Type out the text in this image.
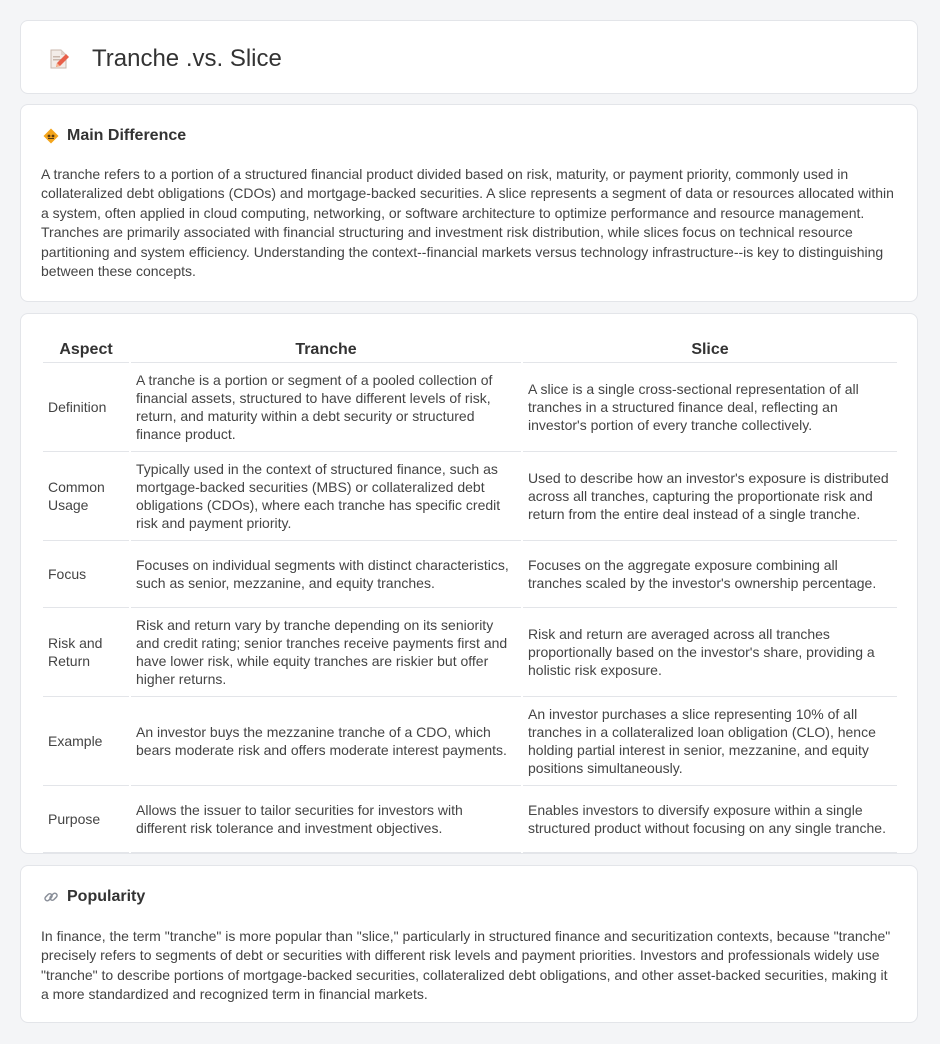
Tranche .vs. Slice
Main Difference
A tranche refers to a portion of a structured financial product divided based on risk, maturity, or payment priority, commonly used in collateralized debt obligations (CDOs) and mortgage-backed securities. A slice represents a segment of data or resources allocated within a system, often applied in cloud computing, networking, or software architecture to optimize performance and resource management. Tranches are primarily associated with financial structuring and investment risk distribution, while slices focus on technical resource partitioning and system efficiency. Understanding the context--financial markets versus technology infrastructure--is key to distinguishing between these concepts.
Aspect	Tranche	Slice
Definition	A tranche is a portion or segment of a pooled collection of financial assets, structured to have different levels of risk, return, and maturity within a debt security or structured finance product.	A slice is a single cross-sectional representation of all tranches in a structured finance deal, reflecting an investor's portion of every tranche collectively.
Common Usage	Typically used in the context of structured finance, such as mortgage-backed securities (MBS) or collateralized debt obligations (CDOs), where each tranche has specific credit risk and payment priority.	Used to describe how an investor's exposure is distributed across all tranches, capturing the proportionate risk and return from the entire deal instead of a single tranche.
Focus	Focuses on individual segments with distinct characteristics, such as senior, mezzanine, and equity tranches.	Focuses on the aggregate exposure combining all tranches scaled by the investor's ownership percentage.
Risk and Return	Risk and return vary by tranche depending on its seniority and credit rating; senior tranches receive payments first and have lower risk, while equity tranches are riskier but offer higher returns.	Risk and return are averaged across all tranches proportionally based on the investor's share, providing a holistic risk exposure.
Example	An investor buys the mezzanine tranche of a CDO, which bears moderate risk and offers moderate interest payments.	An investor purchases a slice representing 10% of all tranches in a collateralized loan obligation (CLO), hence holding partial interest in senior, mezzanine, and equity positions simultaneously.
Purpose	Allows the issuer to tailor securities for investors with different risk tolerance and investment objectives.	Enables investors to diversify exposure within a single structured product without focusing on any single tranche.
Popularity
In finance, the term "tranche" is more popular than "slice," particularly in structured finance and securitization contexts, because "tranche" precisely refers to segments of debt or securities with different risk levels and payment priorities. Investors and professionals widely use "tranche" to describe portions of mortgage-backed securities, collateralized debt obligations, and other asset-backed securities, making it a more standardized and recognized term in financial markets.
